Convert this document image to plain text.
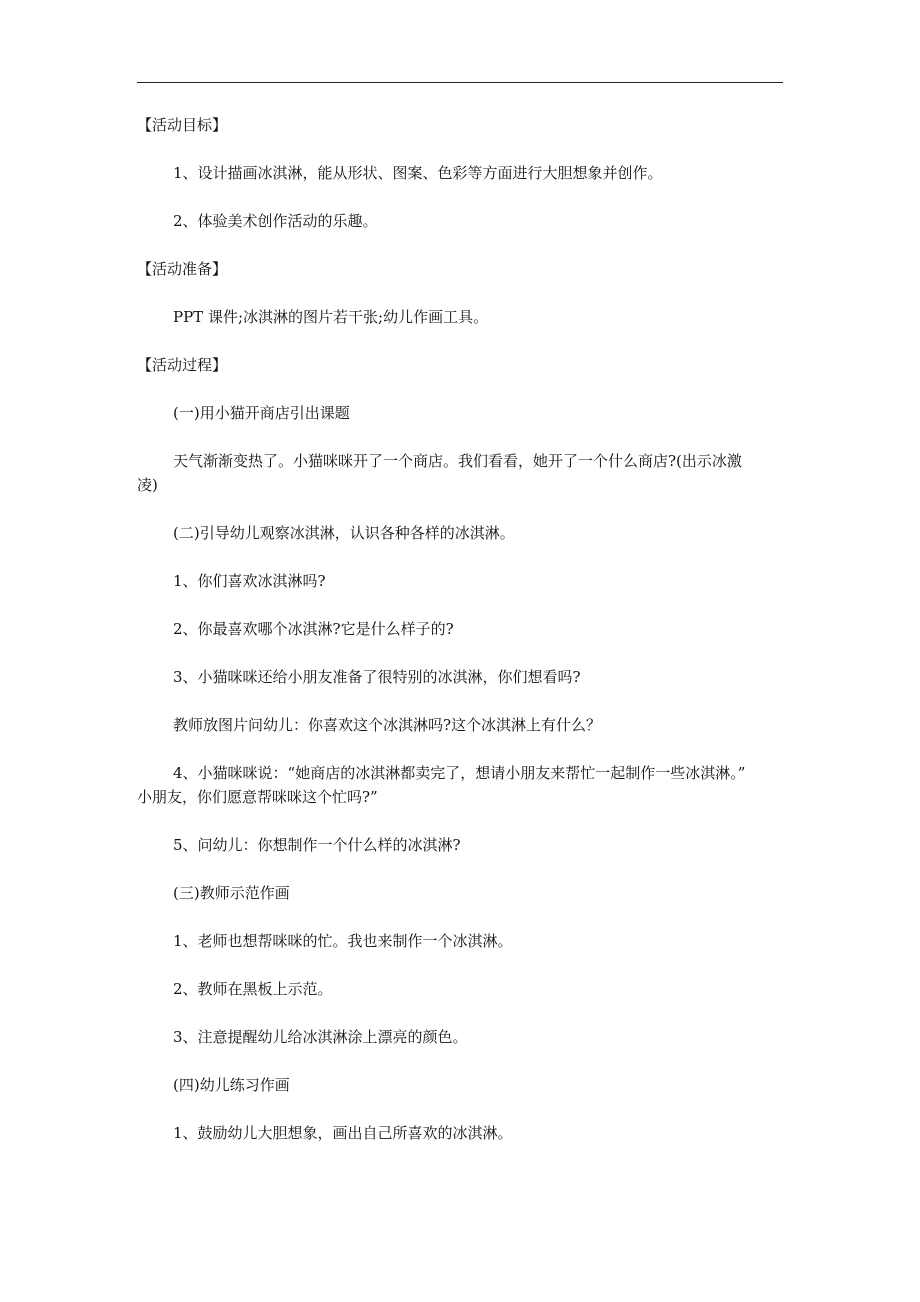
【活动目标】
1、设计描画冰淇淋，能从形状、图案、色彩等方面进行大胆想象并创作。
2、体验美术创作活动的乐趣。
【活动准备】
PPT 课件;冰淇淋的图片若干张;幼儿作画工具。
【活动过程】
(一)用小猫开商店引出课题
天气渐渐变热了。小猫咪咪开了一个商店。我们看看，她开了一个什么商店?(出示冰激
凌)
(二)引导幼儿观察冰淇淋，认识各种各样的冰淇淋。
1、你们喜欢冰淇淋吗?
2、你最喜欢哪个冰淇淋?它是什么样子的?
3、小猫咪咪还给小朋友准备了很特别的冰淇淋，你们想看吗?
教师放图片问幼儿：你喜欢这个冰淇淋吗?这个冰淇淋上有什么？
4、小猫咪咪说：“她商店的冰淇淋都卖完了，想请小朋友来帮忙一起制作一些冰淇淋。”
小朋友，你们愿意帮咪咪这个忙吗?”
5、问幼儿：你想制作一个什么样的冰淇淋?
(三)教师示范作画
1、老师也想帮咪咪的忙。我也来制作一个冰淇淋。
2、教师在黑板上示范。
3、注意提醒幼儿给冰淇淋涂上漂亮的颜色。
(四)幼儿练习作画
1、鼓励幼儿大胆想象，画出自己所喜欢的冰淇淋。
